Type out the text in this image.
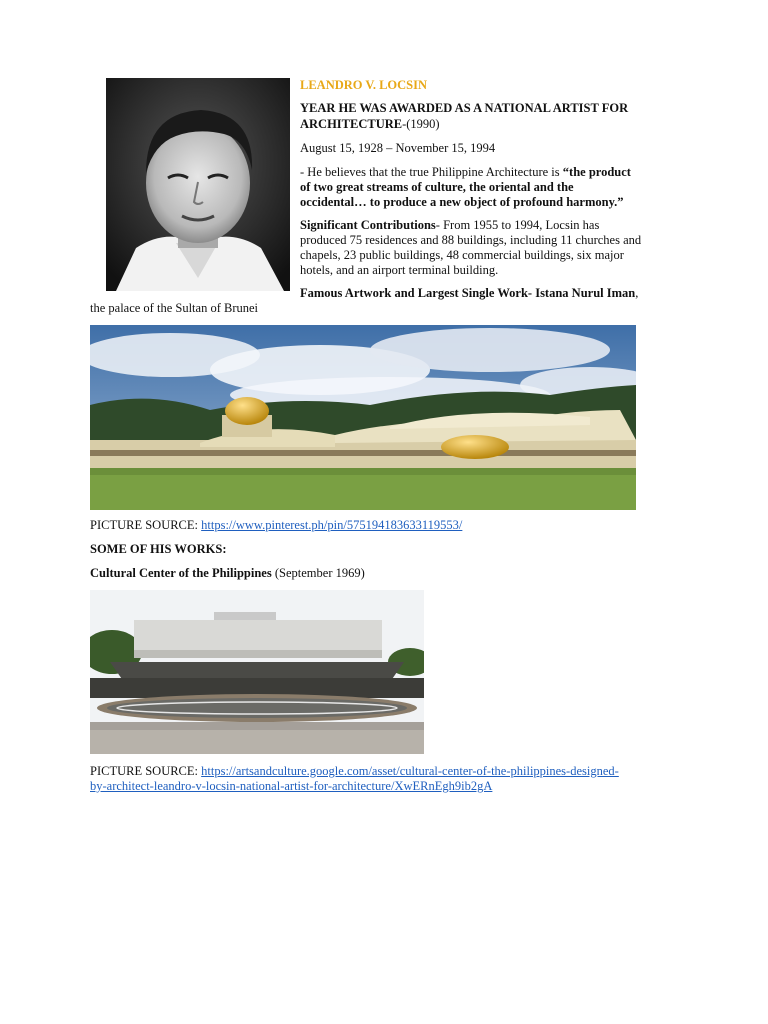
LEANDRO V. LOCSIN
YEAR HE WAS AWARDED AS A NATIONAL ARTIST FOR
ARCHITECTURE-(1990)
August 15, 1928 – November 15, 1994
- He believes that the true Philippine Architecture is “the product
of two great streams of culture, the oriental and the
occidental… to produce a new object of profound harmony.”
Significant Contributions- From 1955 to 1994, Locsin has
produced 75 residences and 88 buildings, including 11 churches and
chapels, 23 public buildings, 48 commercial buildings, six major
hotels, and an airport terminal building.
Famous Artwork and Largest Single Work- Istana Nurul Iman,
the palace of the Sultan of Brunei
PICTURE SOURCE: https://www.pinterest.ph/pin/575194183633119553/
SOME OF HIS WORKS:
Cultural Center of the Philippines (September 1969)
PICTURE SOURCE: https://artsandculture.google.com/asset/cultural-center-of-the-philippines-designed-
by-architect-leandro-v-locsin-national-artist-for-architecture/XwERnEgh9ib2gA
